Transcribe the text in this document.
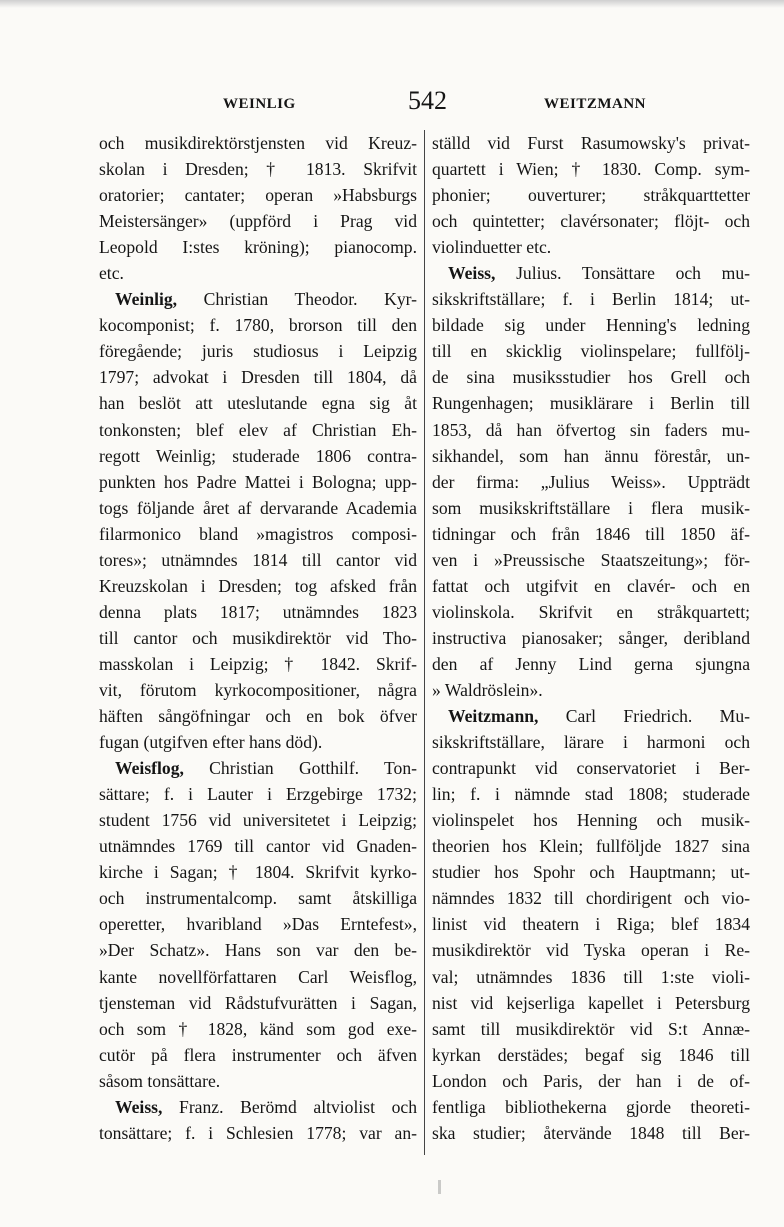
WEINLIG	542	WEITZMANN
och musikdirektörstjensten vid Kreuz-
skolan i Dresden; † 1813. Skrifvit
oratorier; cantater; operan »Habsburgs
Meistersänger» (uppförd i Prag vid
Leopold I:stes kröning); pianocomp.
etc.
Weinlig, Christian Theodor. Kyr-
kocomponist; f. 1780, brorson till den
föregående; juris studiosus i Leipzig
1797; advokat i Dresden till 1804, då
han beslöt att uteslutande egna sig åt
tonkonsten; blef elev af Christian Eh-
regott Weinlig; studerade 1806 contra-
punkten hos Padre Mattei i Bologna; upp-
togs följande året af dervarande Academia
filarmonico bland »magistros composi-
tores»; utnämndes 1814 till cantor vid
Kreuzskolan i Dresden; tog afsked från
denna plats 1817; utnämndes 1823
till cantor och musikdirektör vid Tho-
masskolan i Leipzig; † 1842. Skrif-
vit, förutom kyrkocompositioner, några
häften sångöfningar och en bok öfver
fugan (utgifven efter hans död).
Weisflog, Christian Gotthilf. Ton-
sättare; f. i Lauter i Erzgebirge 1732;
student 1756 vid universitetet i Leipzig;
utnämndes 1769 till cantor vid Gnaden-
kirche i Sagan; † 1804. Skrifvit kyrko-
och instrumentalcomp. samt åtskilliga
operetter, hvaribland »Das Erntefest»,
»Der Schatz». Hans son var den be-
kante novellförfattaren Carl Weisflog,
tjensteman vid Rådstufvurätten i Sagan,
och som † 1828, känd som god exe-
cutör på flera instrumenter och äfven
såsom tonsättare.
Weiss, Franz. Berömd altviolist och
tonsättare; f. i Schlesien 1778; var an-
ställd vid Furst Rasumowsky's privat-
quartett i Wien; † 1830. Comp. sym-
phonier; ouverturer; stråkquarttetter
och quintetter; clavérsonater; flöjt- och
violinduetter etc.
Weiss, Julius. Tonsättare och mu-
sikskriftställare; f. i Berlin 1814; ut-
bildade sig under Henning's ledning
till en skicklig violinspelare; fullfölj-
de sina musiksstudier hos Grell och
Rungenhagen; musiklärare i Berlin till
1853, då han öfvertog sin faders mu-
sikhandel, som han ännu förestår, un-
der firma: „Julius Weiss». Uppträdt
som musikskriftställare i flera musik-
tidningar och från 1846 till 1850 äf-
ven i »Preussische Staatszeitung»; för-
fattat och utgifvit en clavér- och en
violinskola. Skrifvit en stråkquartett;
instructiva pianosaker; sånger, deribland
den af Jenny Lind gerna sjungna
» Waldröslein».
Weitzmann, Carl Friedrich. Mu-
sikskriftställare, lärare i harmoni och
contrapunkt vid conservatoriet i Ber-
lin; f. i nämnde stad 1808; studerade
violinspelet hos Henning och musik-
theorien hos Klein; fullföljde 1827 sina
studier hos Spohr och Hauptmann; ut-
nämndes 1832 till chordirigent och vio-
linist vid theatern i Riga; blef 1834
musikdirektör vid Tyska operan i Re-
val; utnämndes 1836 till 1:ste violi-
nist vid kejserliga kapellet i Petersburg
samt till musikdirektör vid S:t Annæ-
kyrkan derstädes; begaf sig 1846 till
London och Paris, der han i de of-
fentliga bibliothekerna gjorde theoreti-
ska studier; återvände 1848 till Ber-
